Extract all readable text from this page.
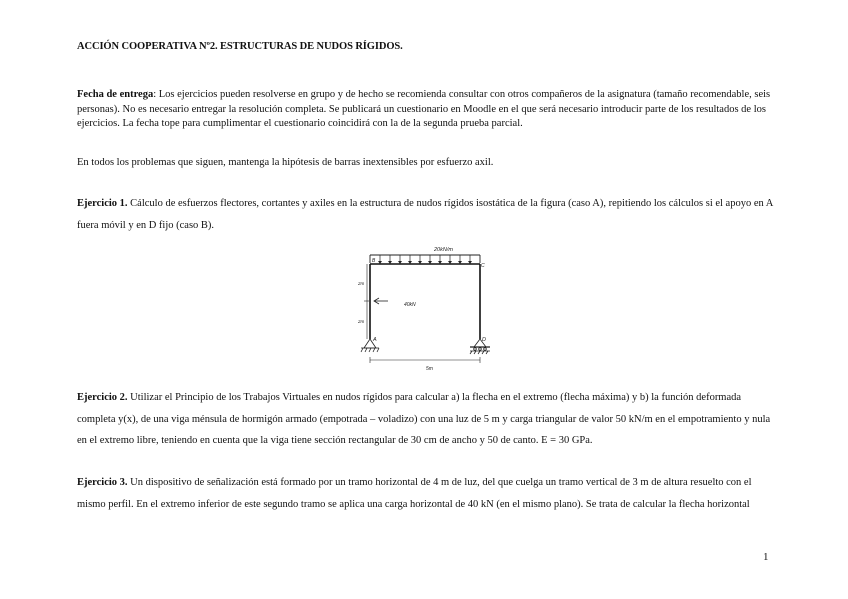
ACCIÓN COOPERATIVA Nº2. ESTRUCTURAS DE NUDOS RÍGIDOS.
Fecha de entrega: Los ejercicios pueden resolverse en grupo y de hecho se recomienda consultar con otros compañeros de la asignatura (tamaño recomendable, seis personas). No es necesario entregar la resolución completa. Se publicará un cuestionario en Moodle en el que será necesario introducir parte de los resultados de los ejercicios. La fecha tope para cumplimentar el cuestionario coincidirá con la de la segunda prueba parcial.
En todos los problemas que siguen, mantenga la hipótesis de barras inextensibles por esfuerzo axil.
Ejercicio 1. Cálculo de esfuerzos flectores, cortantes y axiles en la estructura de nudos rígidos isostática de la figura (caso A), repitiendo los cálculos si el apoyo en A fuera móvil y en D fijo (caso B).
20kN/m
40kN
2m
2m
B
C
A	D
5m
Ejercicio 2. Utilizar el Principio de los Trabajos Virtuales en nudos rígidos para calcular a) la flecha en el extremo (flecha máxima) y b) la función deformada completa y(x), de una viga ménsula de hormigón armado (empotrada – voladizo) con una luz de 5 m y carga triangular de valor 50 kN/m en el empotramiento y nula en el extremo libre, teniendo en cuenta que la viga tiene sección rectangular de 30 cm de ancho y 50 de canto. E = 30 GPa.
Ejercicio 3. Un dispositivo de señalización está formado por un tramo horizontal de 4 m de luz, del que cuelga un tramo vertical de 3 m de altura resuelto con el mismo perfil. En el extremo inferior de este segundo tramo se aplica una carga horizontal de 40 kN (en el mismo plano). Se trata de calcular la flecha horizontal
1
